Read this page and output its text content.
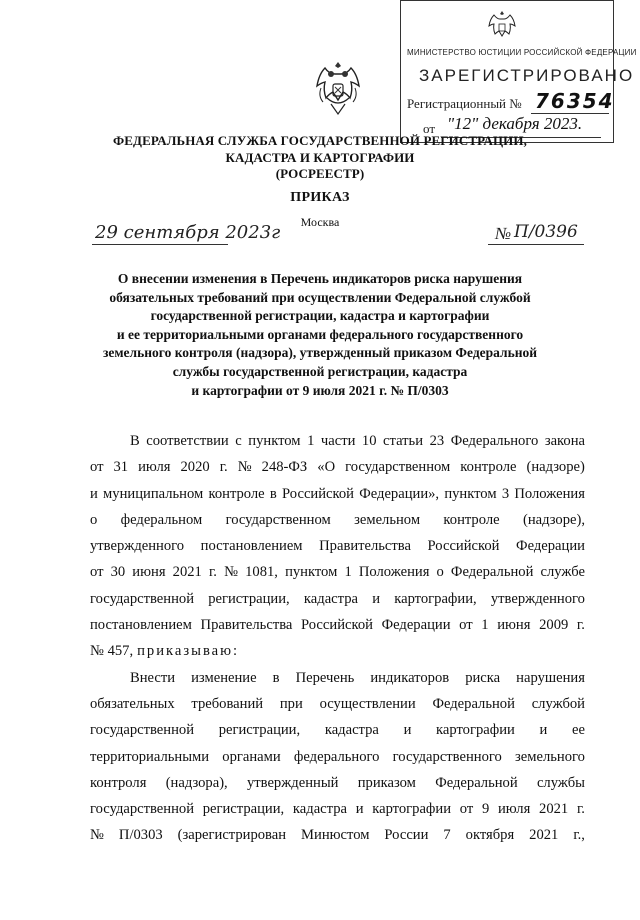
МИНИСТЕРСТВО ЮСТИЦИИ РОССИЙСКОЙ ФЕДЕРАЦИИ
ЗАРЕГИСТРИРОВАНО
Регистрационный № 76354
от "12" декабря 2023.
ФЕДЕРАЛЬНАЯ СЛУЖБА ГОСУДАРСТВЕННОЙ РЕГИСТРАЦИИ,
КАДАСТРА И КАРТОГРАФИИ
(РОСРЕЕСТР)
ПРИКАЗ
Москва
29 сентября 2023г	№ П/0396
О внесении изменения в Перечень индикаторов риска нарушения
обязательных требований при осуществлении Федеральной службой
государственной регистрации, кадастра и картографии
и ее территориальными органами федерального государственного
земельного контроля (надзора), утвержденный приказом Федеральной
службы государственной регистрации, кадастра
и картографии от 9 июля 2021 г. № П/0303
В соответствии с пунктом 1 части 10 статьи 23 Федерального закона
от 31 июля 2020 г. № 248-ФЗ «О государственном контроле (надзоре)
и муниципальном контроле в Российской Федерации», пунктом 3 Положения
о федеральном государственном земельном контроле (надзоре),
утвержденного постановлением Правительства Российской Федерации
от 30 июня 2021 г. № 1081, пунктом 1 Положения о Федеральной службе
государственной регистрации, кадастра и картографии, утвержденного
постановлением Правительства Российской Федерации от 1 июня 2009 г.
№ 457, приказываю:
Внести изменение в Перечень индикаторов риска нарушения
обязательных требований при осуществлении Федеральной службой
государственной регистрации, кадастра и картографии и ее
территориальными органами федерального государственного земельного
контроля (надзора), утвержденный приказом Федеральной службы
государственной регистрации, кадастра и картографии от 9 июля 2021 г.
№ П/0303 (зарегистрирован Минюстом России 7 октября 2021 г.,
